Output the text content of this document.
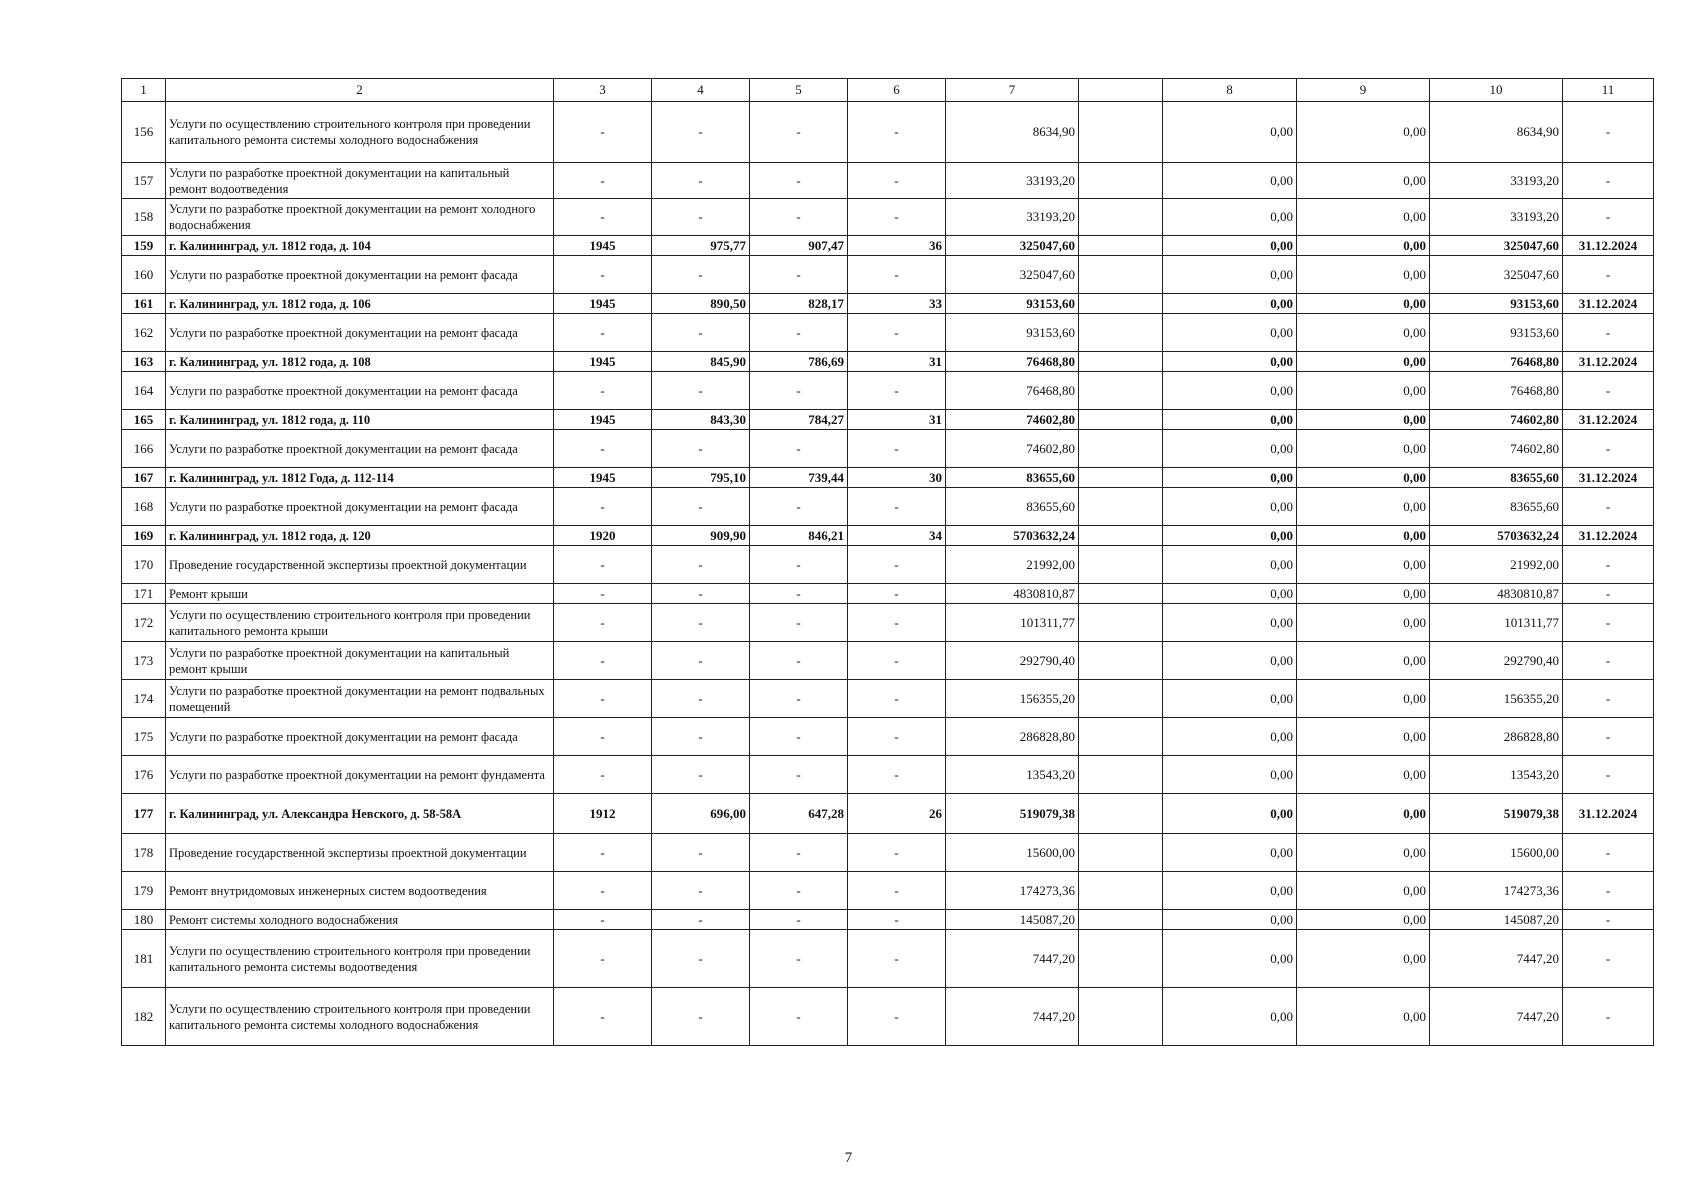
1	2	3	4	5	6	7		8	9	10	11
156	Услуги по осуществлению строительного контроля при проведении капитального ремонта системы холодного водоснабжения	-	-	-	-	8634,90		0,00	0,00	8634,90	-
157	Услуги по разработке проектной документации на капитальный ремонт водоотведения	-	-	-	-	33193,20		0,00	0,00	33193,20	-
158	Услуги по разработке проектной документации на ремонт холодного водоснабжения	-	-	-	-	33193,20		0,00	0,00	33193,20	-
159	г. Калининград, ул. 1812 года, д. 104	1945	975,77	907,47	36	325047,60		0,00	0,00	325047,60	31.12.2024
160	Услуги по разработке проектной документации на ремонт фасада	-	-	-	-	325047,60		0,00	0,00	325047,60	-
161	г. Калининград, ул. 1812 года, д. 106	1945	890,50	828,17	33	93153,60		0,00	0,00	93153,60	31.12.2024
162	Услуги по разработке проектной документации на ремонт фасада	-	-	-	-	93153,60		0,00	0,00	93153,60	-
163	г. Калининград, ул. 1812 года, д. 108	1945	845,90	786,69	31	76468,80		0,00	0,00	76468,80	31.12.2024
164	Услуги по разработке проектной документации на ремонт фасада	-	-	-	-	76468,80		0,00	0,00	76468,80	-
165	г. Калининград, ул. 1812 года, д. 110	1945	843,30	784,27	31	74602,80		0,00	0,00	74602,80	31.12.2024
166	Услуги по разработке проектной документации на ремонт фасада	-	-	-	-	74602,80		0,00	0,00	74602,80	-
167	г. Калининград, ул. 1812 Года, д. 112-114	1945	795,10	739,44	30	83655,60		0,00	0,00	83655,60	31.12.2024
168	Услуги по разработке проектной документации на ремонт фасада	-	-	-	-	83655,60		0,00	0,00	83655,60	-
169	г. Калининград, ул. 1812 года, д. 120	1920	909,90	846,21	34	5703632,24		0,00	0,00	5703632,24	31.12.2024
170	Проведение государственной экспертизы проектной документации	-	-	-	-	21992,00		0,00	0,00	21992,00	-
171	Ремонт крыши	-	-	-	-	4830810,87		0,00	0,00	4830810,87	-
172	Услуги по осуществлению строительного контроля при проведении капитального ремонта крыши	-	-	-	-	101311,77		0,00	0,00	101311,77	-
173	Услуги по разработке проектной документации на капитальный ремонт крыши	-	-	-	-	292790,40		0,00	0,00	292790,40	-
174	Услуги по разработке проектной документации на ремонт подвальных помещений	-	-	-	-	156355,20		0,00	0,00	156355,20	-
175	Услуги по разработке проектной документации на ремонт фасада	-	-	-	-	286828,80		0,00	0,00	286828,80	-
176	Услуги по разработке проектной документации на ремонт фундамента	-	-	-	-	13543,20		0,00	0,00	13543,20	-
177	г. Калининград, ул. Александра Невского, д. 58-58А	1912	696,00	647,28	26	519079,38		0,00	0,00	519079,38	31.12.2024
178	Проведение государственной экспертизы проектной документации	-	-	-	-	15600,00		0,00	0,00	15600,00	-
179	Ремонт внутридомовых инженерных систем водоотведения	-	-	-	-	174273,36		0,00	0,00	174273,36	-
180	Ремонт системы холодного водоснабжения	-	-	-	-	145087,20		0,00	0,00	145087,20	-
181	Услуги по осуществлению строительного контроля при проведении капитального ремонта системы водоотведения	-	-	-	-	7447,20		0,00	0,00	7447,20	-
182	Услуги по осуществлению строительного контроля при проведении капитального ремонта системы холодного водоснабжения	-	-	-	-	7447,20		0,00	0,00	7447,20	-
7
